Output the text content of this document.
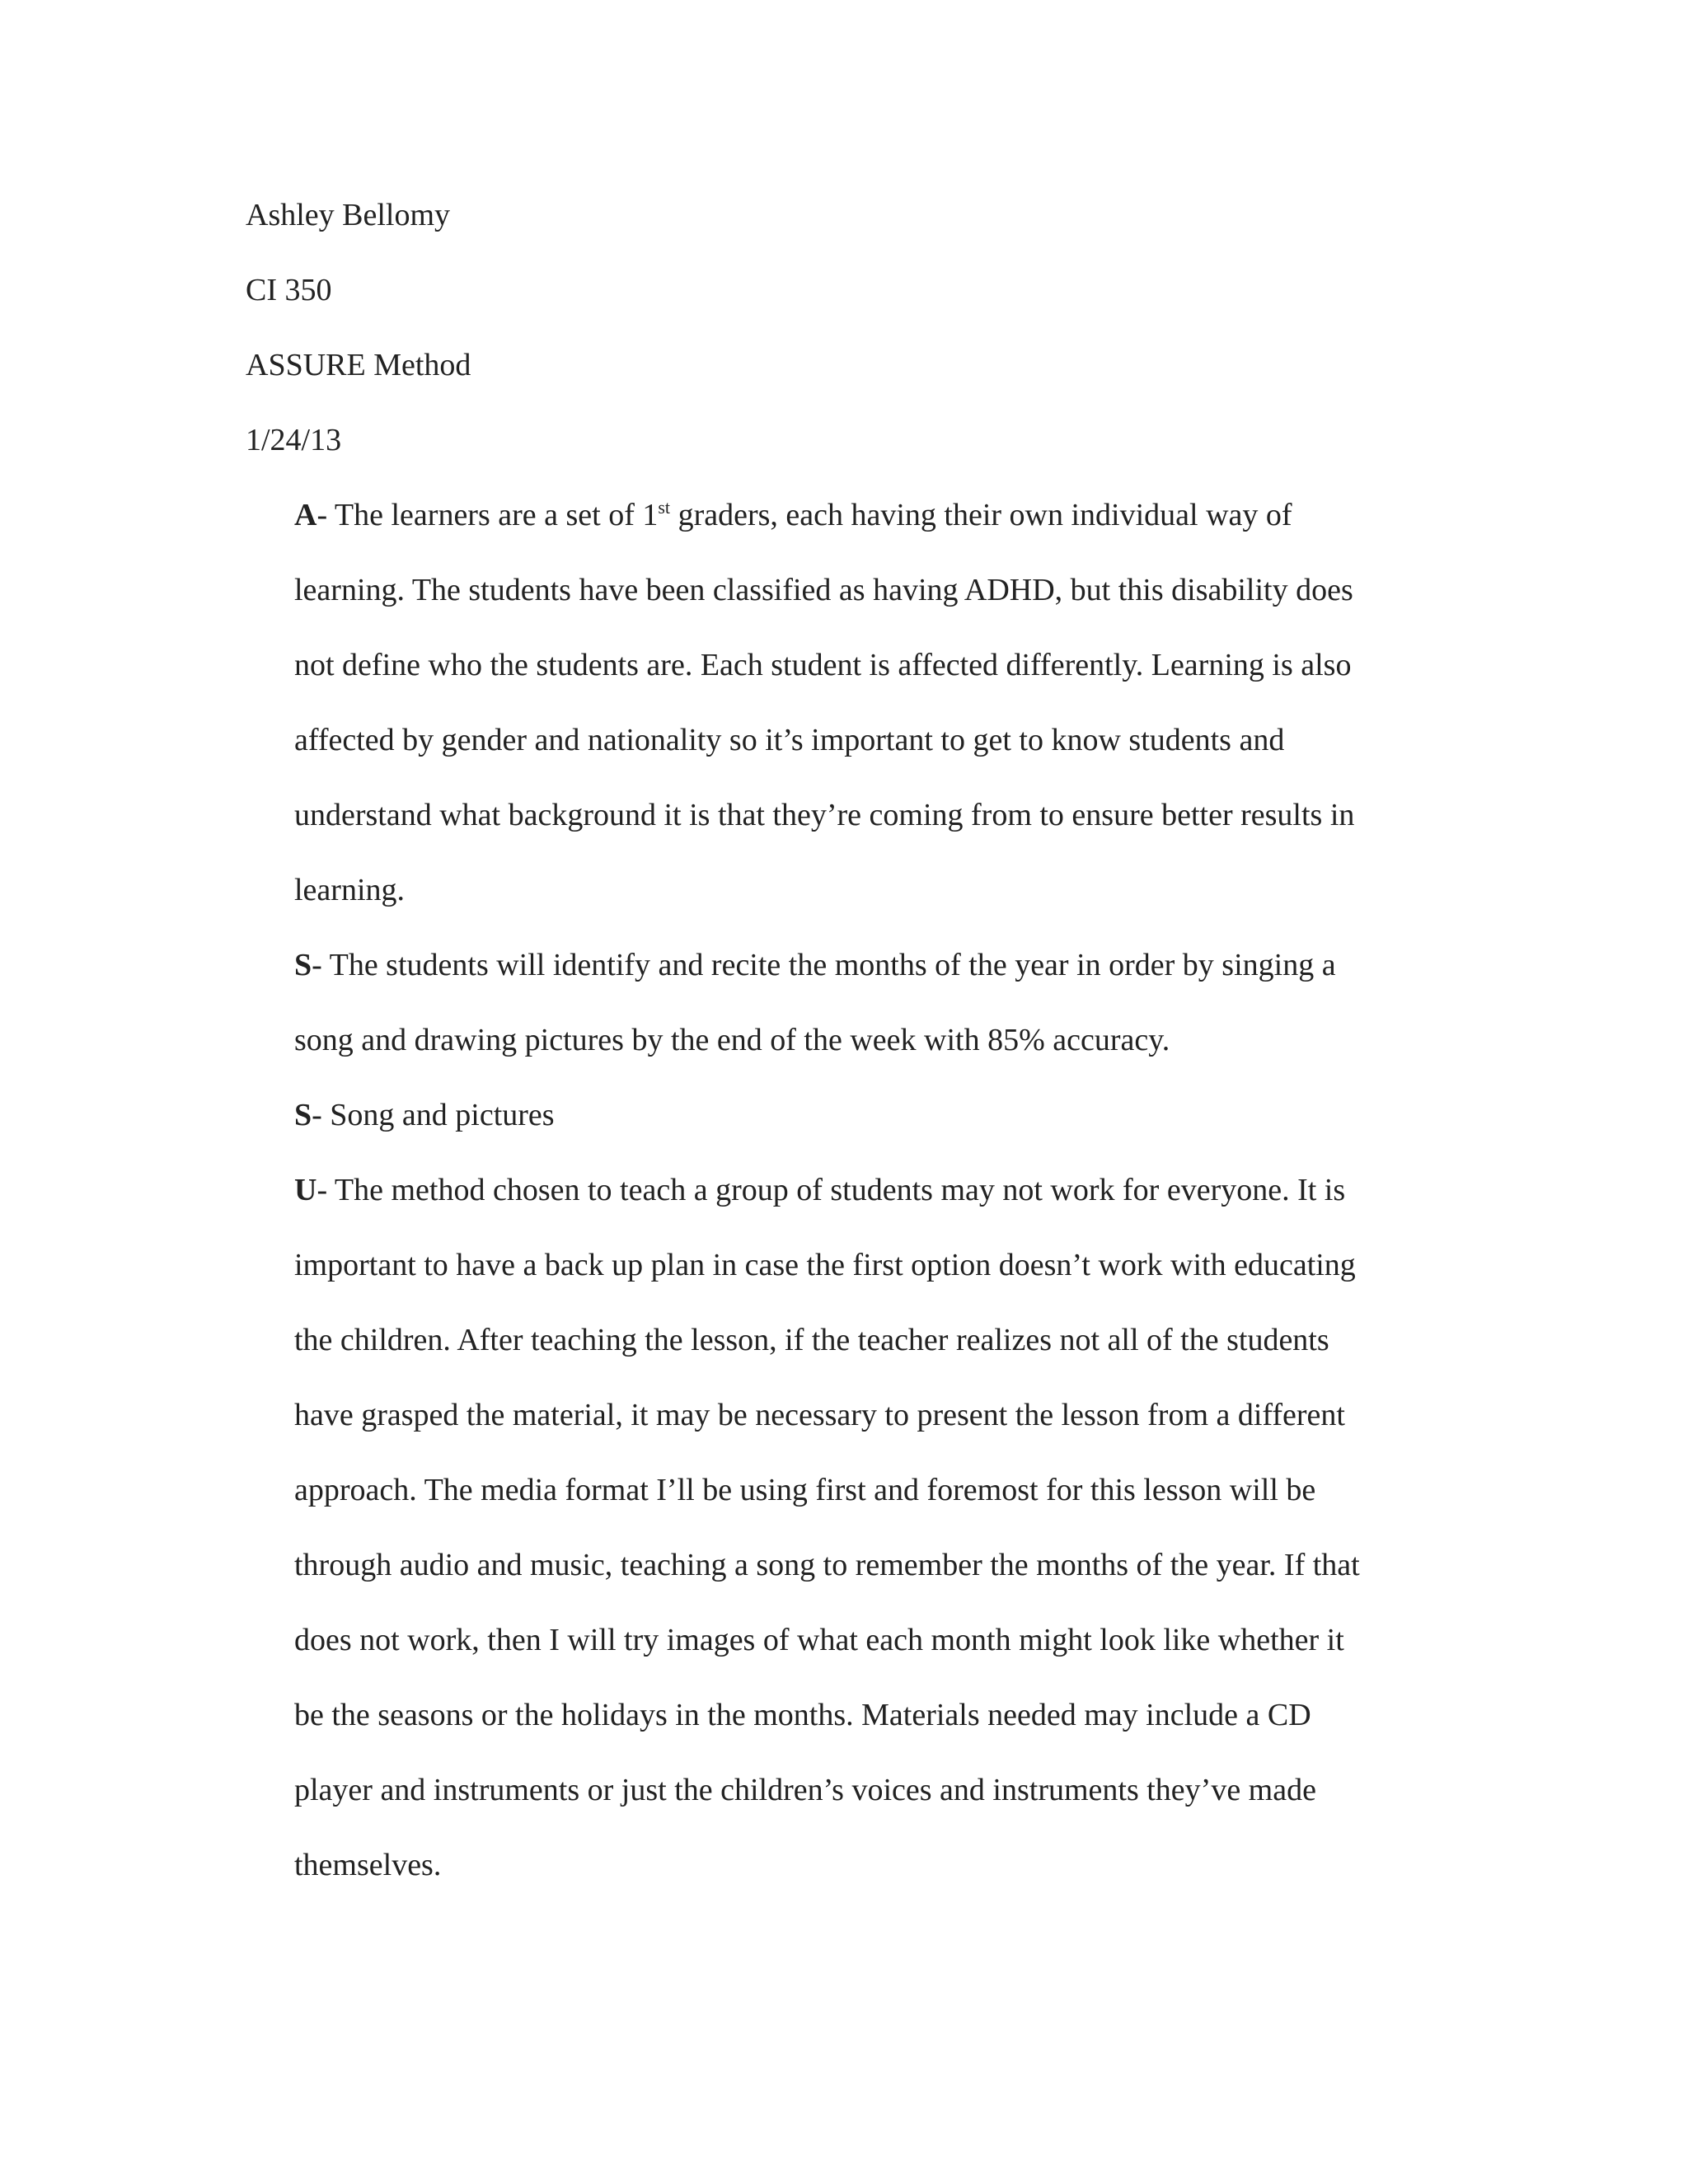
Ashley Bellomy
CI 350
ASSURE Method
1/24/13
A- The learners are a set of 1st graders, each having their own individual way of
learning. The students have been classified as having ADHD, but this disability does
not define who the students are. Each student is affected differently. Learning is also
affected by gender and nationality so it’s important to get to know students and
understand what background it is that they’re coming from to ensure better results in
learning.
S- The students will identify and recite the months of the year in order by singing a
song and drawing pictures by the end of the week with 85% accuracy.
S- Song and pictures
U- The method chosen to teach a group of students may not work for everyone. It is
important to have a back up plan in case the first option doesn’t work with educating
the children. After teaching the lesson, if the teacher realizes not all of the students
have grasped the material, it may be necessary to present the lesson from a different
approach. The media format I’ll be using first and foremost for this lesson will be
through audio and music, teaching a song to remember the months of the year. If that
does not work, then I will try images of what each month might look like whether it
be the seasons or the holidays in the months. Materials needed may include a CD
player and instruments or just the children’s voices and instruments they’ve made
themselves.
